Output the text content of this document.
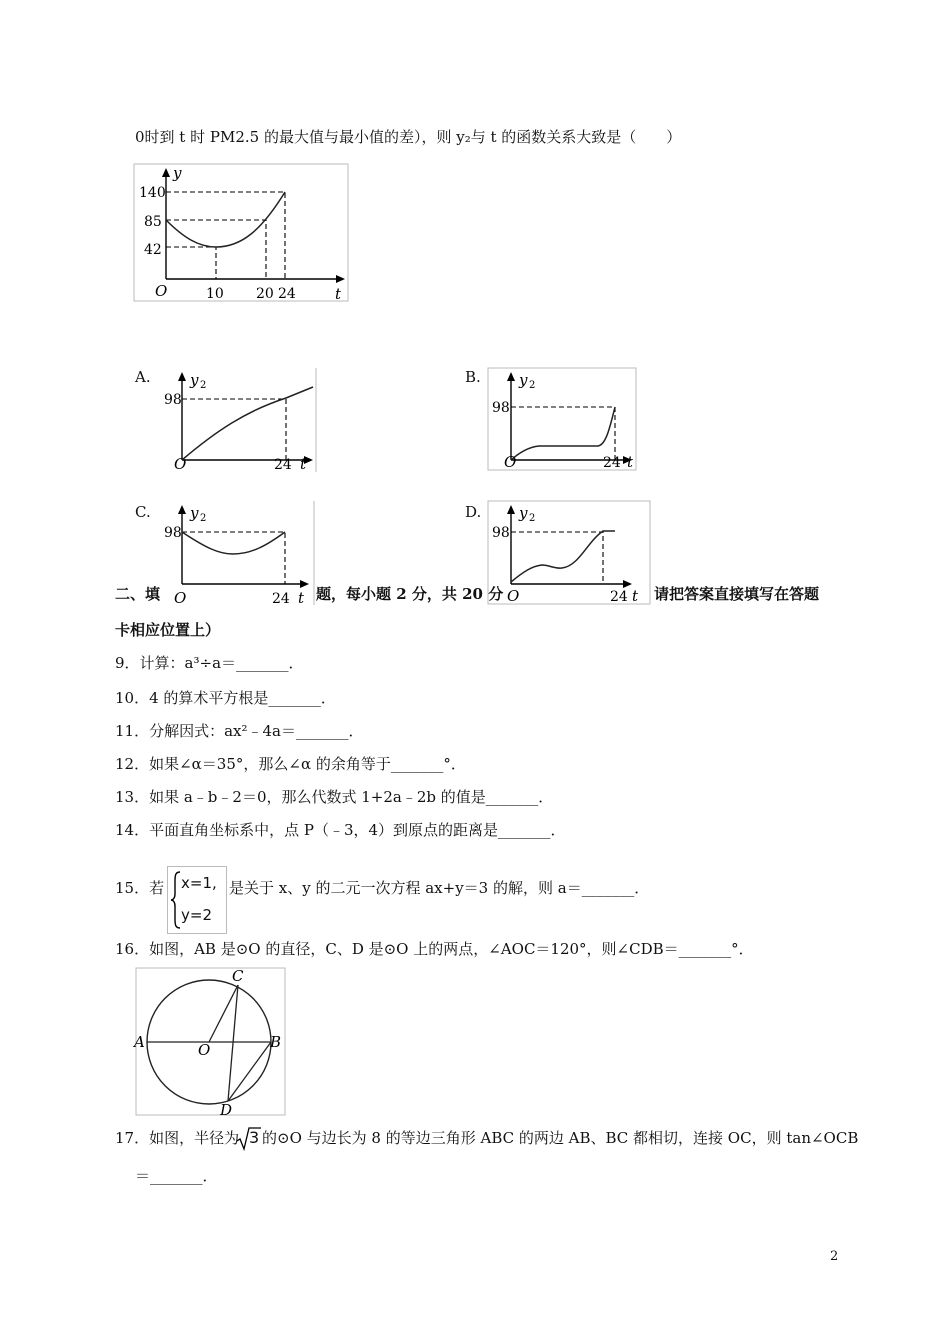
0时到 t 时 PM2.5 的最大值与最小值的差），则 y₂与 t 的函数关系大致是（　　）
y
t
O
140
85
42
10 20 24
A.	y 2
98
24 t
O
B.	y 2
98
24 t
O
C.	y 2
98
24 t
O
D.	y 2
98
24 t
O
二、填	题，每小题 2 分，共 20 分	请把答案直接填写在答题
卡相应位置上）
9．计算：a³÷a＝_______．
10．4 的算术平方根是_______．
11．分解因式：ax²﹣4a＝_______．
12．如果∠α＝35°，那么∠α 的余角等于_______°．
13．如果 a﹣b﹣2＝0，那么代数式 1+2a﹣2b 的值是_______．
14．平面直角坐标系中，点 P（﹣3，4）到原点的距离是_______．
15．若 x=1,
y=2
是关于 x、y 的二元一次方程 ax+y＝3 的解，则 a＝_______．
16．如图，AB 是⊙O 的直径，C、D 是⊙O 上的两点，∠AOC＝120°，则∠CDB＝_______°．
A	B
C
D
O
17．如图，半径为 3 的⊙O 与边长为 8 的等边三角形 ABC 的两边 AB、BC 都相切，连接 OC，则 tan∠OCB
＝_______．
2
